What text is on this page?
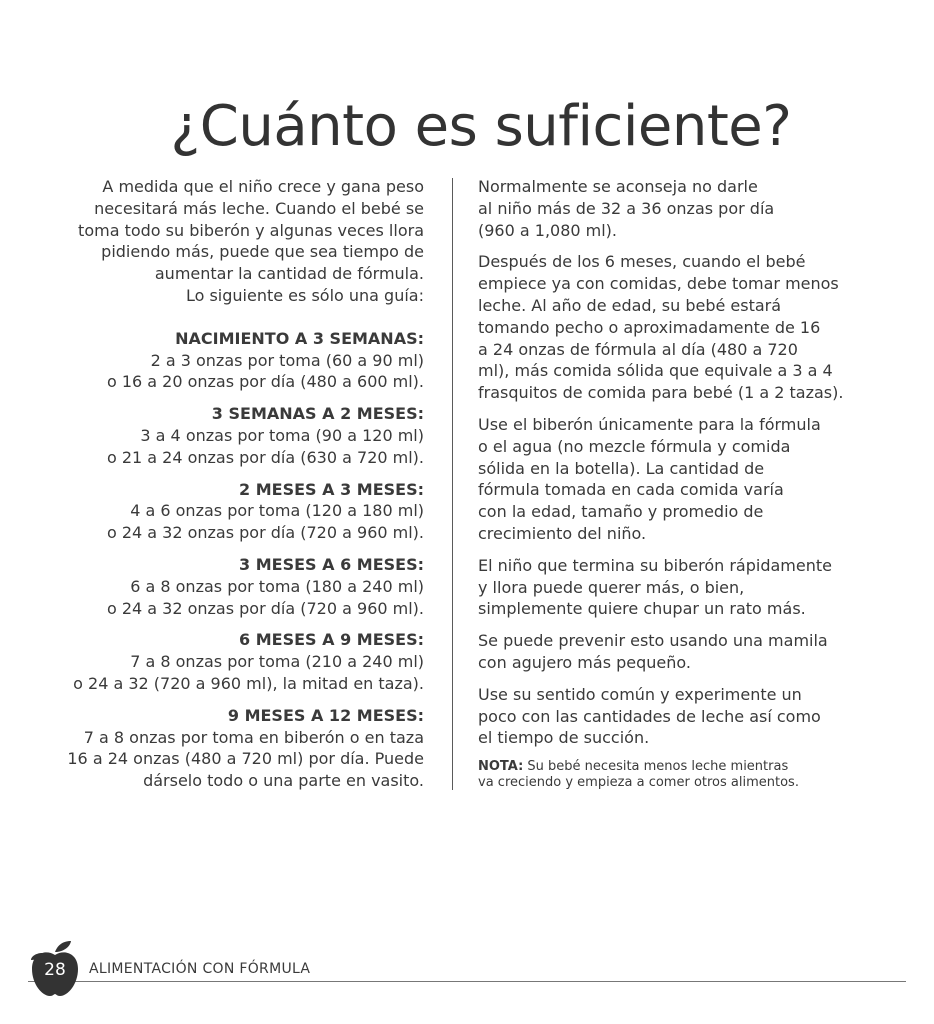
¿Cuánto es suficiente?
A medida que el niño crece y gana peso
necesitará más leche. Cuando el bebé se
toma todo su biberón y algunas veces llora
pidiendo más, puede que sea tiempo de
aumentar la cantidad de fórmula.
Lo siguiente es sólo una guía:
NACIMIENTO A 3 SEMANAS:
2 a 3 onzas por toma (60 a 90 ml)
o 16 a 20 onzas por día (480 a 600 ml).
3 SEMANAS A 2 MESES:
3 a 4 onzas por toma (90 a 120 ml)
o 21 a 24 onzas por día (630 a 720 ml).
2 MESES A 3 MESES:
4 a 6 onzas por toma (120 a 180 ml)
o 24 a 32 onzas por día (720 a 960 ml).
3 MESES A 6 MESES:
6 a 8 onzas por toma (180 a 240 ml)
o 24 a 32 onzas por día (720 a 960 ml).
6 MESES A 9 MESES:
7 a 8 onzas por toma (210 a 240 ml)
o 24 a 32 (720 a 960 ml), la mitad en taza).
9 MESES A 12 MESES:
7 a 8 onzas por toma en biberón o en taza
16 a 24 onzas (480 a 720 ml) por día. Puede
dárselo todo o una parte en vasito.
Normalmente se aconseja no darle
al niño más de 32 a 36 onzas por día
(960 a 1,080 ml).
Después de los 6 meses, cuando el bebé
empiece ya con comidas, debe tomar menos
leche. Al año de edad, su bebé estará
tomando pecho o aproximadamente de 16
a 24 onzas de fórmula al día (480 a 720
ml), más comida sólida que equivale a 3 a 4
frasquitos de comida para bebé (1 a 2 tazas).
Use el biberón únicamente para la fórmula
o el agua (no mezcle fórmula y comida
sólida en la botella). La cantidad de
fórmula tomada en cada comida varía
con la edad, tamaño y promedio de
crecimiento del niño.
El niño que termina su biberón rápidamente
y llora puede querer más, o bien,
simplemente quiere chupar un rato más.
Se puede prevenir esto usando una mamila
con agujero más pequeño.
Use su sentido común y experimente un
poco con las cantidades de leche así como
el tiempo de succión.
NOTA: Su bebé necesita menos leche mientras
va creciendo y empieza a comer otros alimentos.
28	ALIMENTACIÓN CON FÓRMULA
